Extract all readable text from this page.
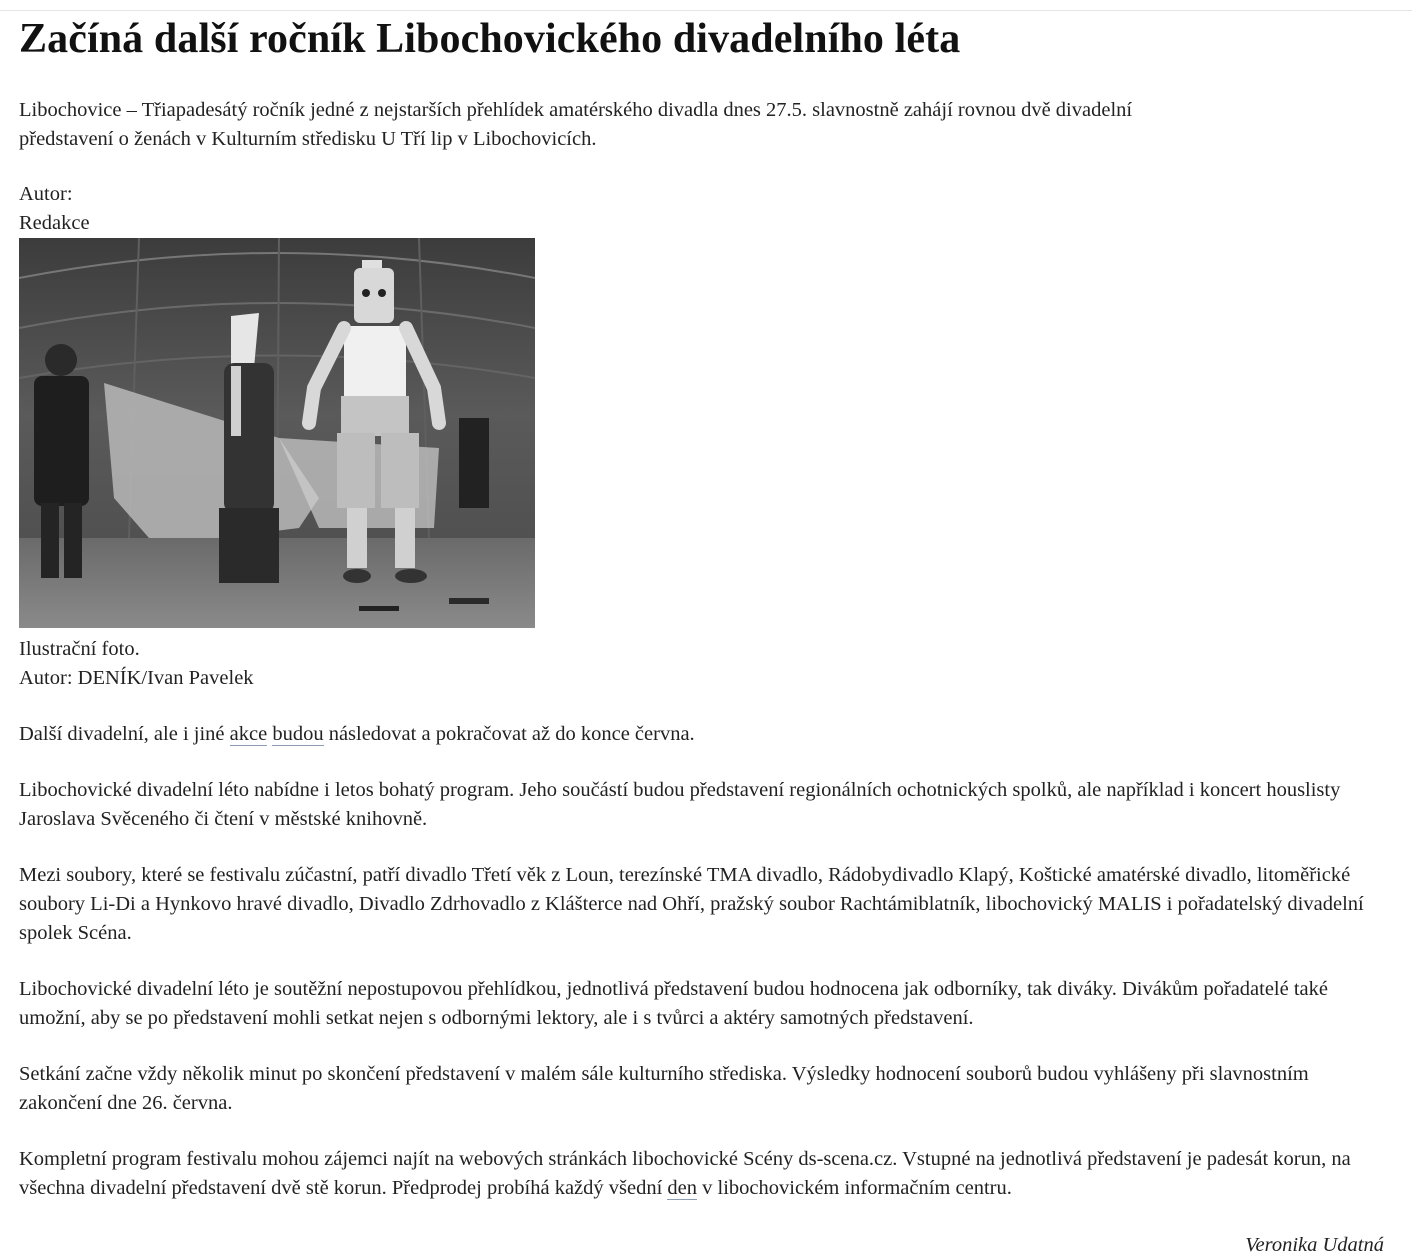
Začíná další ročník Libochovického divadelního léta

Libochovice – Třiapadesátý ročník jedné z nejstarších přehlídek amatérského divadla dnes 27.5. slavnostně zahájí rovnou dvě divadelní představení o ženách v Kulturním středisku U Tří lip v Libochovicích.

Autor:

Redakce

Ilustrační foto.

Autor: DENÍK/Ivan Pavelek

Další divadelní, ale i jiné akce budou následovat a pokračovat až do konce června.

Libochovické divadelní léto nabídne i letos bohatý program. Jeho součástí budou představení regionálních ochotnických spolků, ale například i koncert houslisty Jaroslava Svěceného či čtení v městské knihovně.

Mezi soubory, které se festivalu zúčastní, patří divadlo Třetí věk z Loun, terezínské TMA divadlo, Rádobydivadlo Klapý, Koštické amatérské divadlo, litoměřické soubory Li-Di a Hynkovo hravé divadlo, Divadlo Zdrhovadlo z Klášterce nad Ohří, pražský soubor Rachtámiblatník, libochovický MALIS i pořadatelský divadelní spolek Scéna.

Libochovické divadelní léto je soutěžní nepostupovou přehlídkou, jednotlivá představení budou hodnocena jak odborníky, tak diváky. Divákům pořadatelé také umožní, aby se po představení mohli setkat nejen s odbornými lektory, ale i s tvůrci a aktéry samotných představení.

Setkání začne vždy několik minut po skončení představení v malém sále kulturního střediska. Výsledky hodnocení souborů budou vyhlášeny při slavnostním zakončení dne 26. června.

Kompletní program festivalu mohou zájemci najít na webových stránkách libochovické Scény ds-scena.cz. Vstupné na jednotlivá představení je padesát korun, na všechna divadelní představení dvě stě korun. Předprodej probíhá každý všední den v libochovickém informačním centru.

Veronika Udatná
